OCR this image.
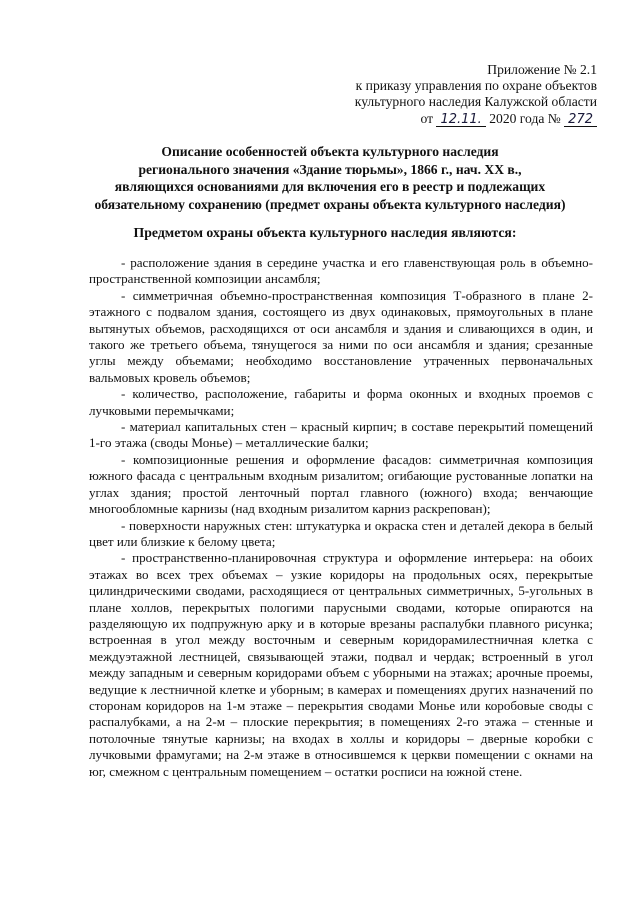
Приложение № 2.1
к приказу управления по охране объектов
культурного наследия Калужской области
от 12.11. 2020 года № 272
Описание особенностей объекта культурного наследия
регионального значения «Здание тюрьмы», 1866 г., нач. XX в.,
являющихся основаниями для включения его в реестр и подлежащих
обязательному сохранению (предмет охраны объекта культурного наследия)
Предметом охраны объекта культурного наследия являются:

- расположение здания в середине участка и его главенствующая роль в объемно-пространственной композиции ансамбля;

- симметричная объемно-пространственная композиция Т-образного в плане 2-этажного с подвалом здания, состоящего из двух одинаковых, прямоугольных в плане вытянутых объемов, расходящихся от оси ансамбля и здания и сливающихся в один, и такого же третьего объема, тянущегося за ними по оси ансамбля и здания; срезанные углы между объемами; необходимо восстановление утраченных первоначальных вальмовых кровель объемов;

- количество, расположение, габариты и форма оконных и входных проемов с лучковыми перемычками;

- материал капитальных стен – красный кирпич; в составе перекрытий помещений 1-го этажа (своды Монье) – металлические балки;

- композиционные решения и оформление фасадов: симметричная композиция южного фасада с центральным входным ризалитом; огибающие рустованные лопатки на углах здания; простой ленточный портал главного (южного) входа; венчающие многообломные карнизы (над входным ризалитом карниз раскрепован);

- поверхности наружных стен: штукатурка и окраска стен и деталей декора в белый цвет или близкие к белому цвета;

- пространственно-планировочная структура и оформление интерьера: на обоих этажах во всех трех объемах – узкие коридоры на продольных осях, перекрытые цилиндрическими сводами, расходящиеся от центральных симметричных, 5-угольных в плане холлов, перекрытых пологими парусными сводами, которые опираются на разделяющую их подпружную арку и в которые врезаны распалубки плавного рисунка; встроенная в угол между восточным и северным коридорамилестничная клетка с междуэтажной лестницей, связывающей этажи, подвал и чердак; встроенный в угол между западным и северным коридорами объем с уборными на этажах; арочные проемы, ведущие к лестничной клетке и уборным; в камерах и помещениях других назначений по сторонам коридоров на 1-м этаже – перекрытия сводами Монье или коробовые своды с распалубками, а на 2-м – плоские перекрытия; в помещениях 2-го этажа – стенные и потолочные тянутые карнизы; на входах в холлы и коридоры – дверные коробки с лучковыми фрамугами; на 2-м этаже в относившемся к церкви помещении с окнами на юг, смежном с центральным помещением – остатки росписи на южной стене.
